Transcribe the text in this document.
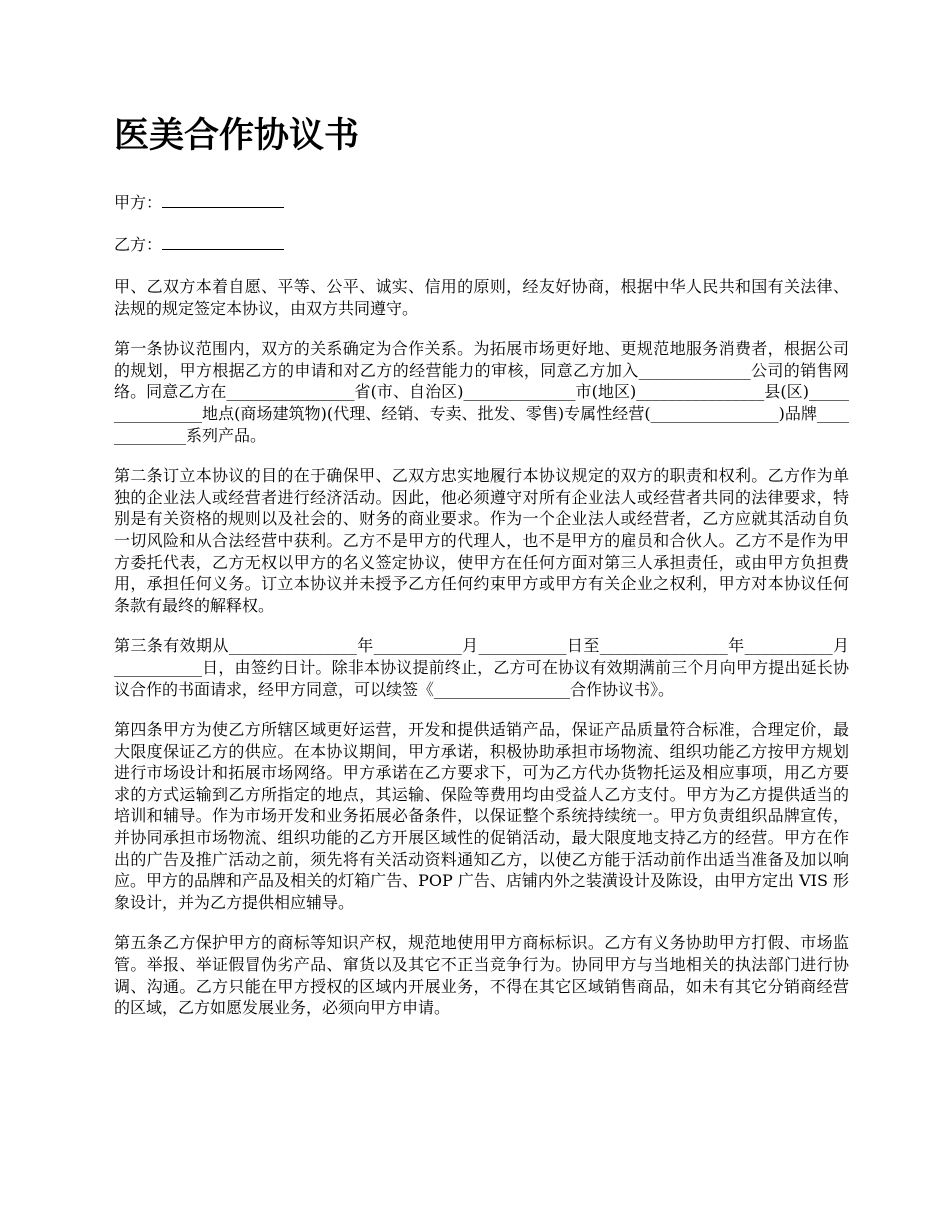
医美合作协议书
甲方：
乙方：

甲、乙双方本着自愿、平等、公平、诚实、信用的原则，经友好协商，根据中华人民共和国有关法律、法规的规定签定本协议，由双方共同遵守。

第一条协议范围内，双方的关系确定为合作关系。为拓展市场更好地、更规范地服务消费者，根据公司的规划，甲方根据乙方的申请和对乙方的经营能力的审核，同意乙方加入______________公司的销售网络。同意乙方在________________省(市、自治区)______________市(地区)________________县(区)________________地点(商场建筑物)(代理、经销、专卖、批发、零售)专属性经营(________________)品牌_____________系列产品。

第二条订立本协议的目的在于确保甲、乙双方忠实地履行本协议规定的双方的职责和权利。乙方作为单独的企业法人或经营者进行经济活动。因此，他必须遵守对所有企业法人或经营者共同的法律要求，特别是有关资格的规则以及社会的、财务的商业要求。作为一个企业法人或经营者，乙方应就其活动自负一切风险和从合法经营中获利。乙方不是甲方的代理人，也不是甲方的雇员和合伙人。乙方不是作为甲方委托代表，乙方无权以甲方的名义签定协议，使甲方在任何方面对第三人承担责任，或由甲方负担费用，承担任何义务。订立本协议并未授予乙方任何约束甲方或甲方有关企业之权利，甲方对本协议任何条款有最终的解释权。

第三条有效期从________________年___________月___________日至________________年___________月___________日，由签约日计。除非本协议提前终止，乙方可在协议有效期满前三个月向甲方提出延长协议合作的书面请求，经甲方同意，可以续签《_________________合作协议书》。

第四条甲方为使乙方所辖区域更好运营，开发和提供适销产品，保证产品质量符合标准，合理定价，最大限度保证乙方的供应。在本协议期间，甲方承诺，积极协助承担市场物流、组织功能乙方按甲方规划进行市场设计和拓展市场网络。甲方承诺在乙方要求下，可为乙方代办货物托运及相应事项，用乙方要求的方式运输到乙方所指定的地点，其运输、保险等费用均由受益人乙方支付。甲方为乙方提供适当的培训和辅导。作为市场开发和业务拓展必备条件，以保证整个系统持续统一。甲方负责组织品牌宣传，并协同承担市场物流、组织功能的乙方开展区域性的促销活动，最大限度地支持乙方的经营。甲方在作出的广告及推广活动之前，须先将有关活动资料通知乙方，以使乙方能于活动前作出适当准备及加以响应。甲方的品牌和产品及相关的灯箱广告、POP 广告、店铺内外之装潢设计及陈设，由甲方定出 VIS 形象设计，并为乙方提供相应辅导。

第五条乙方保护甲方的商标等知识产权，规范地使用甲方商标标识。乙方有义务协助甲方打假、市场监管。举报、举证假冒伪劣产品、窜货以及其它不正当竞争行为。协同甲方与当地相关的执法部门进行协调、沟通。乙方只能在甲方授权的区域内开展业务，不得在其它区域销售商品，如未有其它分销商经营的区域，乙方如愿发展业务，必须向甲方申请。
